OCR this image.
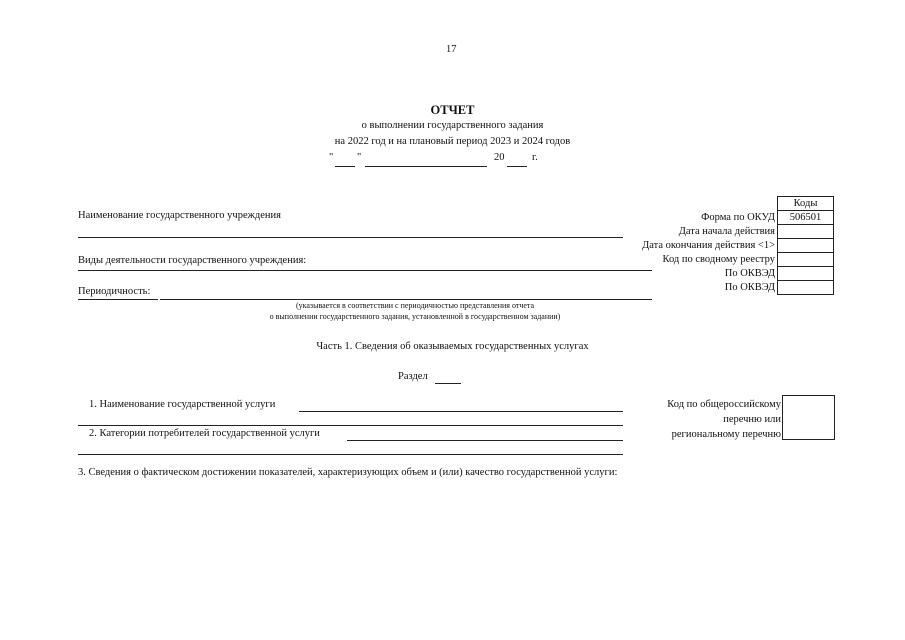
17
ОТЧЕТ
о выполнении государственного задания
на 2022 год и на плановый период 2023 и 2024 годов
" "	20	г.
Коды
506501
Форма по ОКУД
Дата начала действия
Дата окончания действия <1>
Код по сводному реестру
По ОКВЭД
По ОКВЭД
Наименование государственного учреждения
Виды деятельности государственного учреждения:
Периодичность:
(указывается в соответствии с периодичностью представления отчета
о выполнении государственного задания, установленной в государственном задании)
Часть 1. Сведения об оказываемых государственных услугах
Раздел
1. Наименование государственной услуги
2. Категории потребителей государственной услуги
Код по общероссийскому
перечню или
региональному перечню
3. Сведения о фактическом достижении показателей, характеризующих объем и (или) качество государственной услуги:
